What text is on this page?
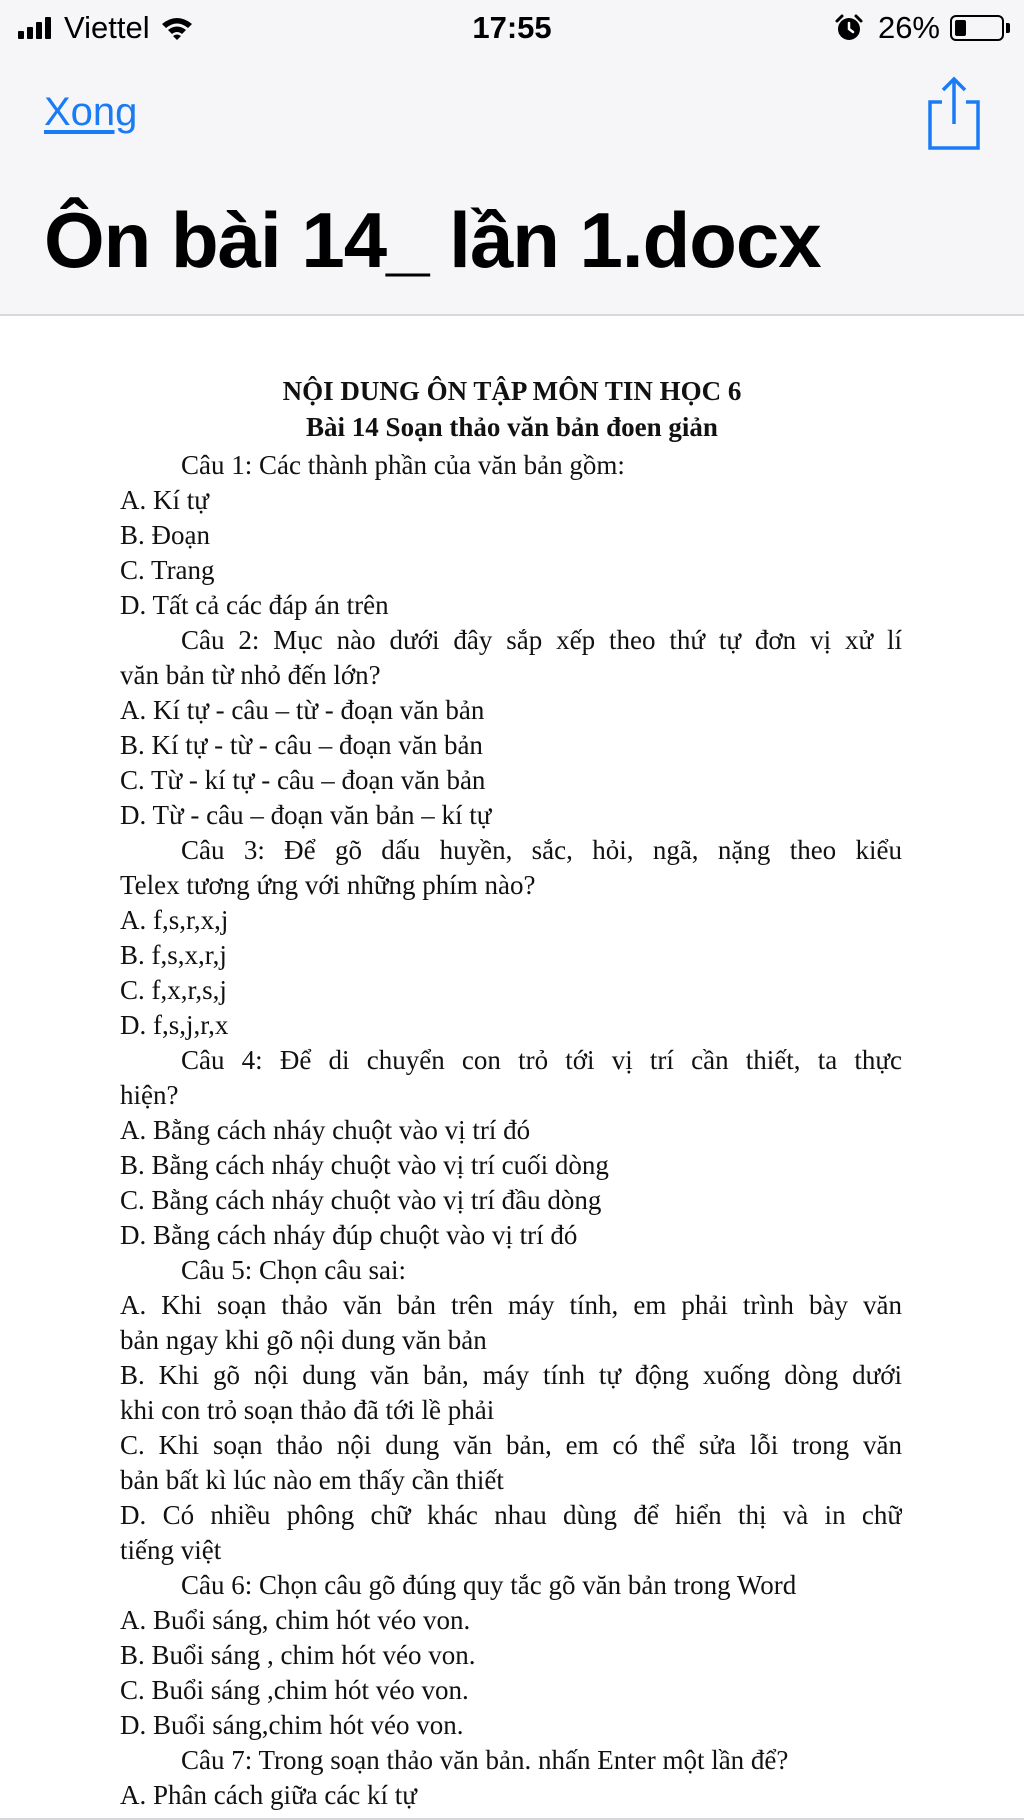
Viettel	17:55	26%
Xong
Ôn bài 14_ lần 1.docx
NỘI DUNG ÔN TẬP MÔN TIN HỌC 6
Bài 14 Soạn thảo văn bản đoen giản
Câu 1: Các thành phần của văn bản gồm:
A. Kí tự
B. Đoạn
C. Trang
D. Tất cả các đáp án trên
Câu 2: Mục nào dưới đây sắp xếp theo thứ tự đơn vị xử lí
văn bản từ nhỏ đến lớn?
A. Kí tự - câu – từ - đoạn văn bản
B. Kí tự - từ - câu – đoạn văn bản
C. Từ - kí tự - câu – đoạn văn bản
D. Từ - câu – đoạn văn bản – kí tự
Câu 3: Để gõ dấu huyền, sắc, hỏi, ngã, nặng theo kiểu
Telex tương ứng với những phím nào?
A. f,s,r,x,j
B. f,s,x,r,j
C. f,x,r,s,j
D. f,s,j,r,x
Câu 4: Để di chuyển con trỏ tới vị trí cần thiết, ta thực
hiện?
A. Bằng cách nháy chuột vào vị trí đó
B. Bằng cách nháy chuột vào vị trí cuối dòng
C. Bằng cách nháy chuột vào vị trí đầu dòng
D. Bằng cách nháy đúp chuột vào vị trí đó
Câu 5: Chọn câu sai:
A. Khi soạn thảo văn bản trên máy tính, em phải trình bày văn
bản ngay khi gõ nội dung văn bản
B. Khi gõ nội dung văn bản, máy tính tự động xuống dòng dưới
khi con trỏ soạn thảo đã tới lề phải
C. Khi soạn thảo nội dung văn bản, em có thể sửa lỗi trong văn
bản bất kì lúc nào em thấy cần thiết
D. Có nhiều phông chữ khác nhau dùng để hiển thị và in chữ
tiếng việt
Câu 6: Chọn câu gõ đúng quy tắc gõ văn bản trong Word
A. Buổi sáng, chim hót véo von.
B. Buổi sáng , chim hót véo von.
C. Buổi sáng ,chim hót véo von.
D. Buổi sáng,chim hót véo von.
Câu 7: Trong soạn thảo văn bản. nhấn Enter một lần để?
A. Phân cách giữa các kí tự
